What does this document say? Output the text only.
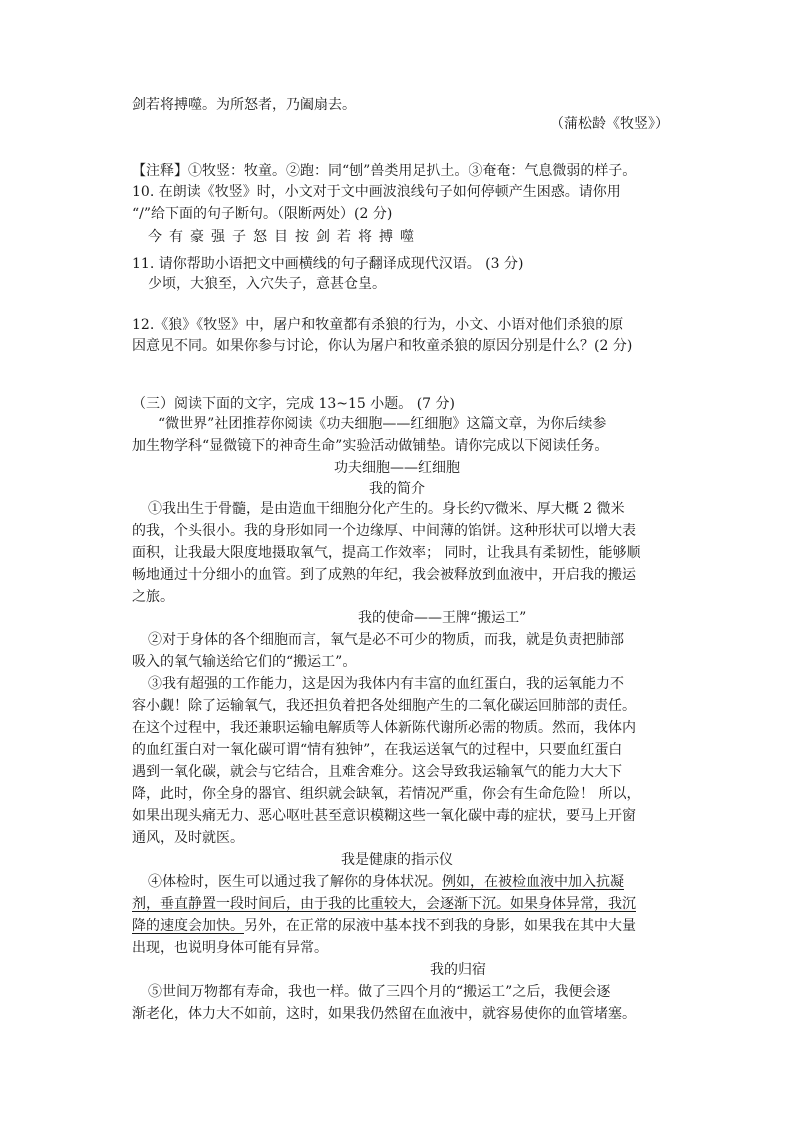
剑若将搏噬。为所怒者，乃阖扇去。
（蒲松龄《牧竖》）
【注释】①牧竖：牧童。②跑：同“刨”兽类用足扒土。③奄奄：气息微弱的样子。
10. 在朗读《牧竖》时，小文对于文中画波浪线句子如何停顿产生困惑。请你用
“/”给下面的句子断句。（限断两处）(2 分)
今有豪强子怒目按剑若将搏噬
11. 请你帮助小语把文中画横线的句子翻译成现代汉语。 (3 分)
少顷，大狼至，入穴失子，意甚仓皇。
12.《狼》《牧竖》中，屠户和牧童都有杀狼的行为，小文、小语对他们杀狼的原
因意见不同。如果你参与讨论，你认为屠户和牧童杀狼的原因分别是什么？(2 分)
（三）阅读下面的文字，完成 13~15 小题。 (7 分)
“微世界”社团推荐你阅读《功夫细胞——红细胞》这篇文章，为你后续参
加生物学科“显微镜下的神奇生命”实验活动做铺垫。请你完成以下阅读任务。
功夫细胞——红细胞
我的简介
①我出生于骨髓，是由造血干细胞分化产生的。身长约▽微米、厚大概 2 微米
的我，个头很小。我的身形如同一个边缘厚、中间薄的馅饼。这种形状可以增大表
面积，让我最大限度地摄取氧气，提高工作效率； 同时，让我具有柔韧性，能够顺
畅地通过十分细小的血管。到了成熟的年纪，我会被释放到血液中，开启我的搬运
之旅。
我的使命——王牌“搬运工”
②对于身体的各个细胞而言，氧气是必不可少的物质，而我，就是负责把肺部
吸入的氧气输送给它们的“搬运工”。
③我有超强的工作能力，这是因为我体内有丰富的血红蛋白，我的运氧能力不
容小觑！除了运输氧气，我还担负着把各处细胞产生的二氧化碳运回肺部的责任。
在这个过程中，我还兼职运输电解质等人体新陈代谢所必需的物质。然而，我体内
的血红蛋白对一氧化碳可谓“情有独钟”，在我运送氧气的过程中，只要血红蛋白
遇到一氧化碳，就会与它结合，且难舍难分。这会导致我运输氧气的能力大大下
降，此时，你全身的器官、组织就会缺氧，若情况严重，你会有生命危险！ 所以，
如果出现头痛无力、恶心呕吐甚至意识模糊这些一氧化碳中毒的症状，要马上开窗
通风，及时就医。
我是健康的指示仪
④体检时，医生可以通过我了解你的身体状况。例如，在被检血液中加入抗凝
剂，垂直静置一段时间后，由于我的比重较大，会逐渐下沉。如果身体异常，我沉
降的速度会加快。另外，在正常的尿液中基本找不到我的身影，如果我在其中大量
出现，也说明身体可能有异常。
我的归宿
⑤世间万物都有寿命，我也一样。做了三四个月的“搬运工”之后，我便会逐
渐老化，体力大不如前，这时，如果我仍然留在血液中，就容易使你的血管堵塞。
